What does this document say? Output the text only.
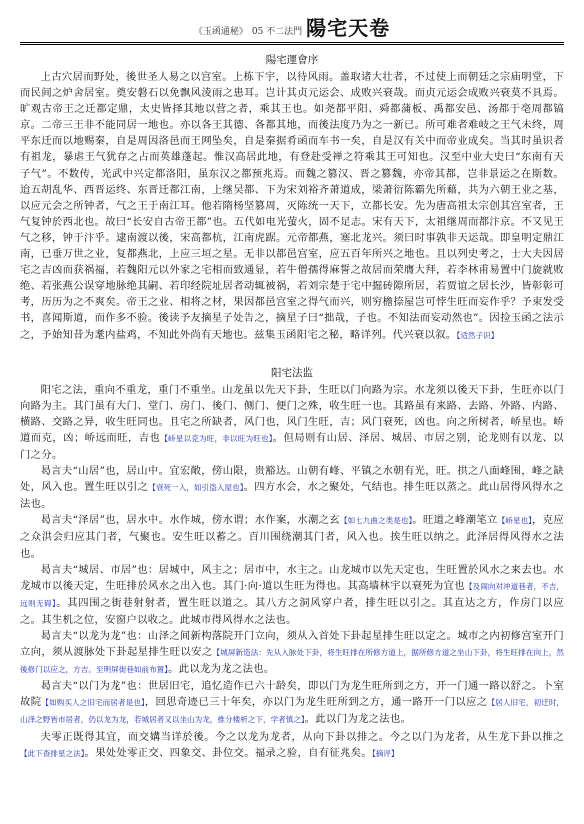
《玉函通秘》 05 不二法門 陽宅天卷
陽宅運會序

上古穴居而野处，後世圣人易之以宫室。上栋下宇，以待风雨。盖取诸大壮者，不过使上而朝廷之宗庙明堂，下而民间之炉舍居室。奠安磐石以免飘风淩雨之患耳。岂计其贞元运会、成败兴衰哉。而贞元运会成败兴衰莫不具焉。旷观古帝王之迁都定鼎，太史皆择其地以营之者，乘其王也。如尧都平阳、舜都蒲板、禹都安邑、汤都于亳周都镐京。二帝三王非不能同居一地也。亦以各王其德、各都其地，而後法度乃为之一新已。所可难者难岐之王气未终，周平东迁而以地赐秦，自是周因洛邑而王网坠矣，自是秦据肴函而车书一矣，自是汉有关中而帝业成矣。当其时虽识者有祖龙，暴虐王气犹存之占而英雄蓬起。惟汉高居此地，有登赴受禅之符乘其王可知也。汉至中业大史曰“东南有天子气”。不数传，光武中兴定都洛阳，虽东汉之都预兆焉。而魏之篡汉、晋之篡魏，亦帝其都，岂非景运之在斯数。迨五胡乱华、西晋运终、东晋迁都江南，上继吴都、下为宋刘裕齐萧道成，梁萧衍陈霸先所藉，共为六朝王业之基，以应元会之所钟者，气之王于南江耳。他若隋杨坚篡周，灭陈统一天下，立都长安。先为唐高祖太宗创其宫室者，王气复钟於西北也。故曰“长安自古帝王都”也。五代如电光萤火，固不足志。宋有天下，太祖继周而都汴京。不又见王气之移，钟于汴乎。逮南渡以後，宋高都杭，江南虎踞。元帝都燕，塞北龙兴。须曰时事孰非天运哉。即皇明定鼎江南，已垂万世之业，复都燕北，上应三垣之星。无非以都邑宫室，应五百年所兴之地也。且以列史考之，士大夫因居宅之吉凶而获祸福，若魏阳元以外家之宅相而致通显，若牛僧孺得麻誓之故居而荣膺大拜，若李林甫易置中门旋就败绝、若张燕公误穿地脉绝其嗣、若印经院址居者动辄被祸，若刘宗楚于宅中掘砖隙所居，若贾谊之居长沙，皆彰彰可考，历历为之不爽矣。帝王之业、相将之材，果因都邑宫室之得气而兴，则穷檐捺屋岂可悖生旺而妄作乎？予束发受书，喜闻斯道，而作多不验。後读予友摘星子处告之，摘星子曰“拙哉，子也。不知法而妄动然也”。因捡玉函之法示之，予始知昔为耄内盐鸡，不知此外尚有天地也。兹集玉函阳宅之秘，略详列。代兴衰以叙。【适然子识】

阳宅法监

阳宅之法，重向不重龙，重门不重坐。山龙虽以先天下卦，生旺以门向路为宗。水龙须以後天下卦，生旺亦以门向路为主。其门虽有大门、堂门、房门、後门、侧门、便门之殊，收生旺一也。其路虽有来路、去路、外路、内路、横路、交路之异，收生旺同也。且宅之所缺者，风门也，风门生旺，吉；风门衰死，凶也。向之所树者，峤星也。峤道而克，凶；峤远而旺，吉也【峤星以克为旺，非以旺为旺也】。但局则有山居、泽居、城居、市居之别，论龙则有以龙、以门之分。

曷言夫“山居”也，居山中。宜宏敞，傍山限，贵豁达。山朝有峰、平镇之水朝有光，旺。拱之八面峰围，峰之缺处，风入也。置生旺以引之【衰死一入，如引盗入屋也】。四方水会，水之聚处，气结也。排生旺以蒸之。此山居得风得水之法也。

曷言夫“泽居”也，居水中。水作城，傍水谓；水作案，水潮之玄【如七九曲之类是也】。旺道之峰潮笔立【峤星也】，克应之众洪会归应其门者，气聚也。安生旺以蓄之。百川围绕潮其门者，风入也。挨生旺以纳之。此泽居得风得水之法也。

曷言夫“城居、市居”也：居城中，风主之；居市中，水主之。山龙城市以先天定也，生旺置於风水之来去也。水龙城市以後天定，生旺排於风水之出入也。其门·向·道以生旺为得也。其高墙林宇以衰死为宜也【及闹向对冲道巷者，不吉，远则无碍】。其四围之街巷射射者，置生旺以道之。其八方之洞风穿户者，排生旺以引之。其直达之方，作房门以应之。其生机之位，安窗户以收之。此城市得风得水之法也。

曷言夫“以龙为龙”也：山泽之间新构落院开门立向，须从入首处下卦起星排生旺以定之。城市之内初修宫室开门立向，须从渡脉处下卦起星排生旺以安之【城屏新造法：先从入脉处下卦，将生旺排在所修方道上，据所修方道之坐山下卦，将生旺排在向上，然後修门以应之，方吉。至明屏街巷如前布置】。此以龙为龙之法也。

曷言夫“以门为龙”也：世居旧宅，追忆造作已六十龄矣，即以门为龙生旺所到之方，开一门通一路以舒之。卜室故院【如购买人之旧宅而居者是也】，回思奇迹已三十年矣，亦以门为龙生旺所到之方，通一路开一门以应之【居人旧宅，初迁时，山泽之野皆市居者，仍以龙为龙，若城居者又以坐山为龙，推分楼析之下，学者慎之】。此以门为龙之法也。

夫零正既得其宜，而交媾当详於後。今之以龙为龙者，从向下卦以排之。今之以门为龙者，从生龙下卦以推之【此下查排星之法】。果处处零正交、四象交、卦位交。福录之验，自有征兆矣。【摘评】
